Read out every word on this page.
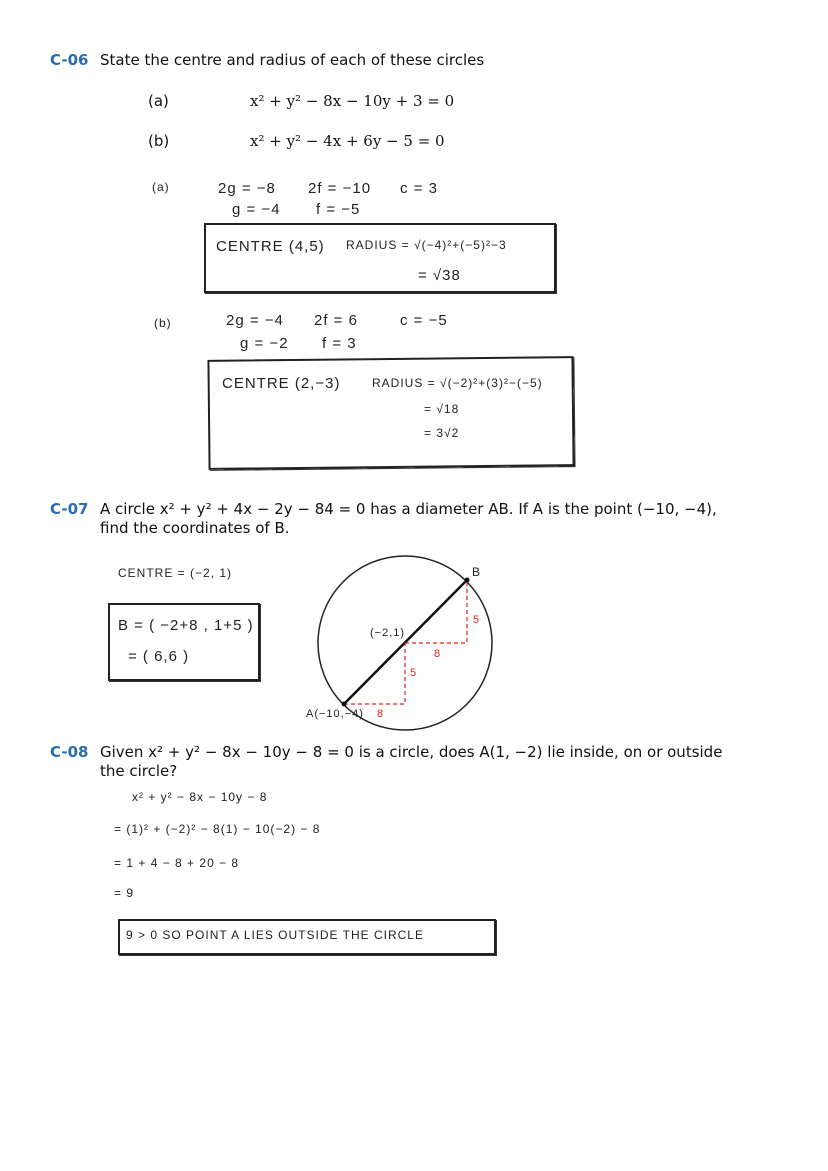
C-06 State the centre and radius of each of these circles
(a)	x² + y² − 8x − 10y + 3 = 0
(b)	x² + y² − 4x + 6y − 5 = 0
(a)	2g = −8 2f = −10 c = 3
g = −4 f = −5
CENTRE (4,5) RADIUS = √(−4)²+(−5)²−3
= √38
(b)	2g = −4 2f = 6	c = −5
g = −2 f = 3
CENTRE (2,−3)	RADIUS = √(−2)²+(3)²−(−5)
= √18
= 3√2
C-07 A circle x² + y² + 4x − 2y − 84 = 0 has a diameter AB. If A is the point (−10, −4),
find the coordinates of B.
CENTRE = (−2, 1)
B = ( −2+8 , 1+5 )
= ( 6,6 )
B
A(−10,−4)
(−2,1)
5
8
5
8
C-08 Given x² + y² − 8x − 10y − 8 = 0 is a circle, does A(1, −2) lie inside, on or outside
the circle?
x² + y² − 8x − 10y − 8
= (1)² + (−2)² − 8(1) − 10(−2) − 8
= 1 + 4 − 8 + 20 − 8
= 9
9 > 0 SO POINT A LIES OUTSIDE THE CIRCLE
